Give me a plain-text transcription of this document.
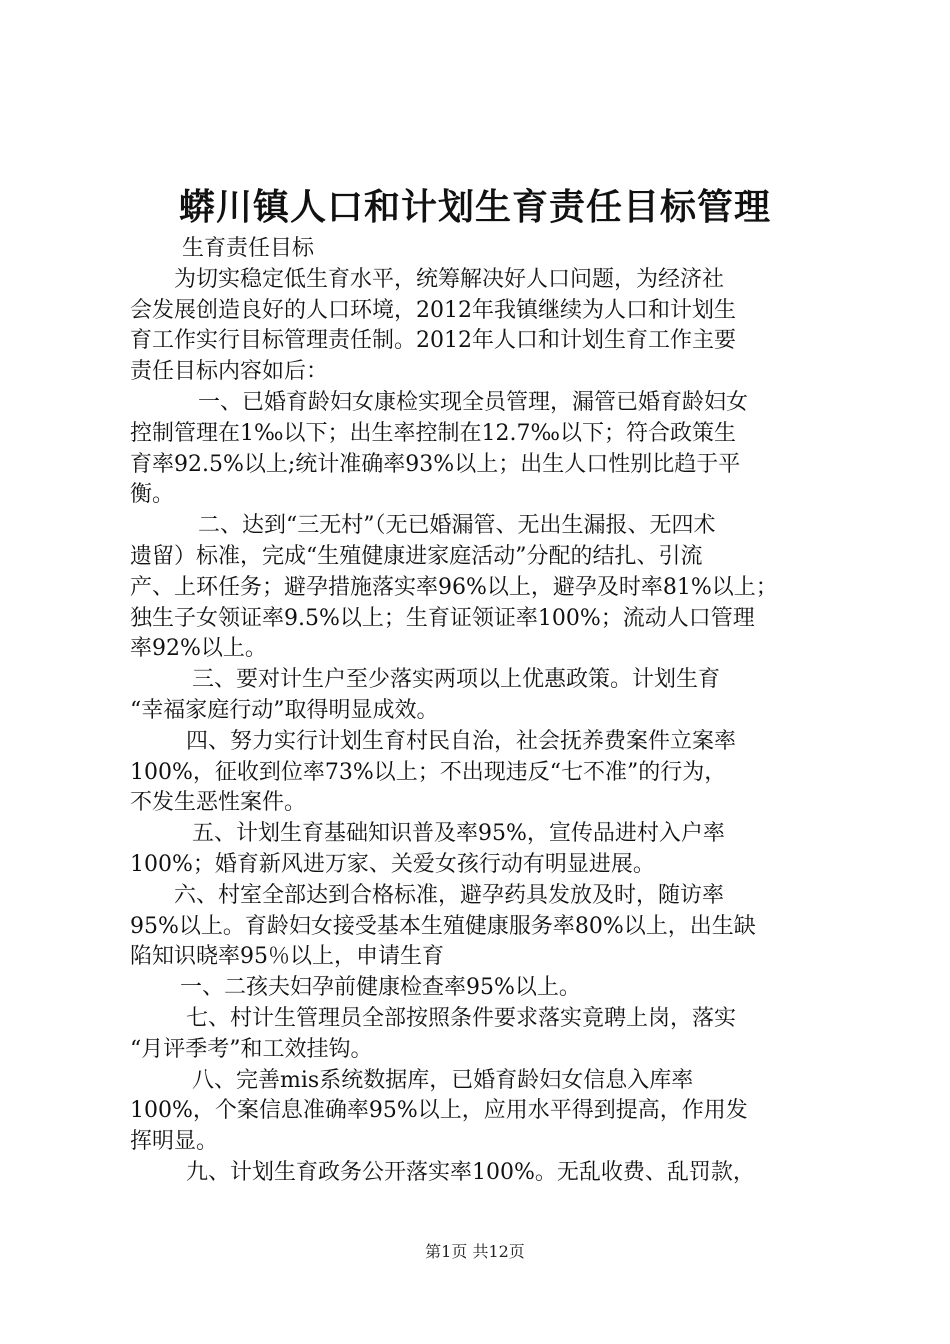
蟒川镇人口和计划生育责任目标管理
生育责任目标
为切实稳定低生育水平，统筹解决好人口问题，为经济社
会发展创造良好的人口环境，2012年我镇继续为人口和计划生
育工作实行目标管理责任制。2012年人口和计划生育工作主要
责任目标内容如后：
一、已婚育龄妇女康检实现全员管理，漏管已婚育龄妇女
控制管理在1‰以下；出生率控制在12.7‰以下；符合政策生
育率92.5%以上;统计准确率93%以上；出生人口性别比趋于平
衡。
二、达到“三无村”（无已婚漏管、无出生漏报、无四术
遗留）标准，完成“生殖健康进家庭活动”分配的结扎、引流
产、上环任务；避孕措施落实率96%以上，避孕及时率81%以上；
独生子女领证率9.5%以上；生育证领证率100%；流动人口管理
率92%以上。
三、要对计生户至少落实两项以上优惠政策。计划生育
“幸福家庭行动”取得明显成效。
四、努力实行计划生育村民自治，社会抚养费案件立案率
100%，征收到位率73%以上；不出现违反“七不准”的行为，
不发生恶性案件。
五、计划生育基础知识普及率95%，宣传品进村入户率
100%；婚育新风进万家、关爱女孩行动有明显进展。
六、村室全部达到合格标准，避孕药具发放及时，随访率
95%以上。育龄妇女接受基本生殖健康服务率80%以上，出生缺
陷知识晓率95％以上，申请生育
一、二孩夫妇孕前健康检查率95%以上。
七、村计生管理员全部按照条件要求落实竟聘上岗，落实
“月评季考”和工效挂钩。
八、完善mis系统数据库，已婚育龄妇女信息入库率
100%，个案信息准确率95%以上，应用水平得到提高，作用发
挥明显。
九、计划生育政务公开落实率100%。无乱收费、乱罚款，
第1页 共12页
